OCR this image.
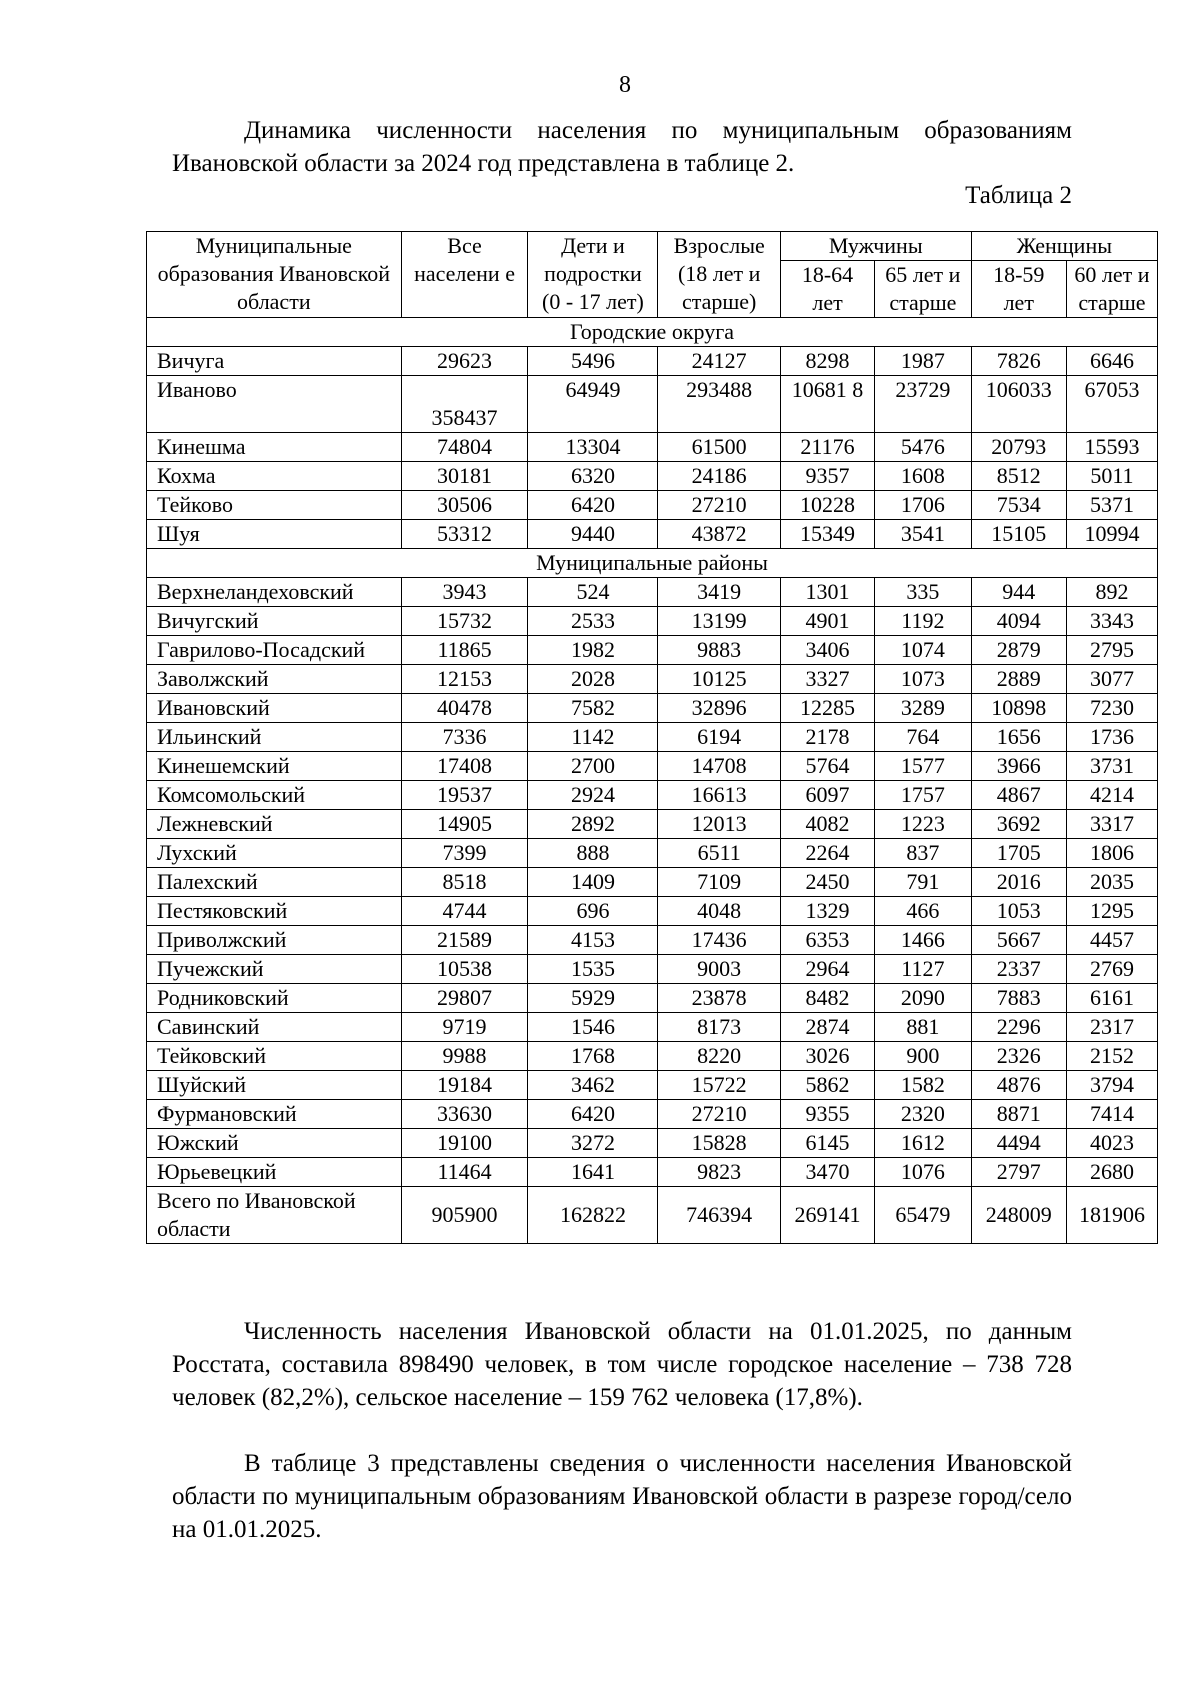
8

Динамика численности населения по муниципальным образованиям Ивановской области за 2024 год представлена в таблице 2.

Таблица 2
Муниципальные образования Ивановской области	Все населени е	Дети и подростки (0 - 17 лет)	Взрослые (18 лет и старше)	Мужчины		Женщины	
				18-64 лет	65 лет и старше	18-59 лет	60 лет и старше
Городские округа							
Вичуга	29623	5496	24127	8298	1987	7826	6646
Иваново	358437	64949	293488	10681 8	23729	106033	67053
Кинешма	74804	13304	61500	21176	5476	20793	15593
Кохма	30181	6320	24186	9357	1608	8512	5011
Тейково	30506	6420	27210	10228	1706	7534	5371
Шуя	53312	9440	43872	15349	3541	15105	10994
Муниципальные районы							
Верхнеландеховский	3943	524	3419	1301	335	944	892
Вичугский	15732	2533	13199	4901	1192	4094	3343
Гаврилово-Посадский	11865	1982	9883	3406	1074	2879	2795
Заволжский	12153	2028	10125	3327	1073	2889	3077
Ивановский	40478	7582	32896	12285	3289	10898	7230
Ильинский	7336	1142	6194	2178	764	1656	1736
Кинешемский	17408	2700	14708	5764	1577	3966	3731
Комсомольский	19537	2924	16613	6097	1757	4867	4214
Лежневский	14905	2892	12013	4082	1223	3692	3317
Лухский	7399	888	6511	2264	837	1705	1806
Палехский	8518	1409	7109	2450	791	2016	2035
Пестяковский	4744	696	4048	1329	466	1053	1295
Приволжский	21589	4153	17436	6353	1466	5667	4457
Пучежский	10538	1535	9003	2964	1127	2337	2769
Родниковский	29807	5929	23878	8482	2090	7883	6161
Савинский	9719	1546	8173	2874	881	2296	2317
Тейковский	9988	1768	8220	3026	900	2326	2152
Шуйский	19184	3462	15722	5862	1582	4876	3794
Фурмановский	33630	6420	27210	9355	2320	8871	7414
Южский	19100	3272	15828	6145	1612	4494	4023
Юрьевецкий	11464	1641	9823	3470	1076	2797	2680
Всего по Ивановской области	905900	162822	746394	269141	65479	248009	181906

Численность населения Ивановской области на 01.01.2025, по данным Росстата, составила 898490 человек, в том числе городское население – 738 728 человек (82,2%), сельское население – 159 762 человека (17,8%).

В таблице 3 представлены сведения о численности населения Ивановской области по муниципальным образованиям Ивановской области в разрезе город/село на 01.01.2025.
